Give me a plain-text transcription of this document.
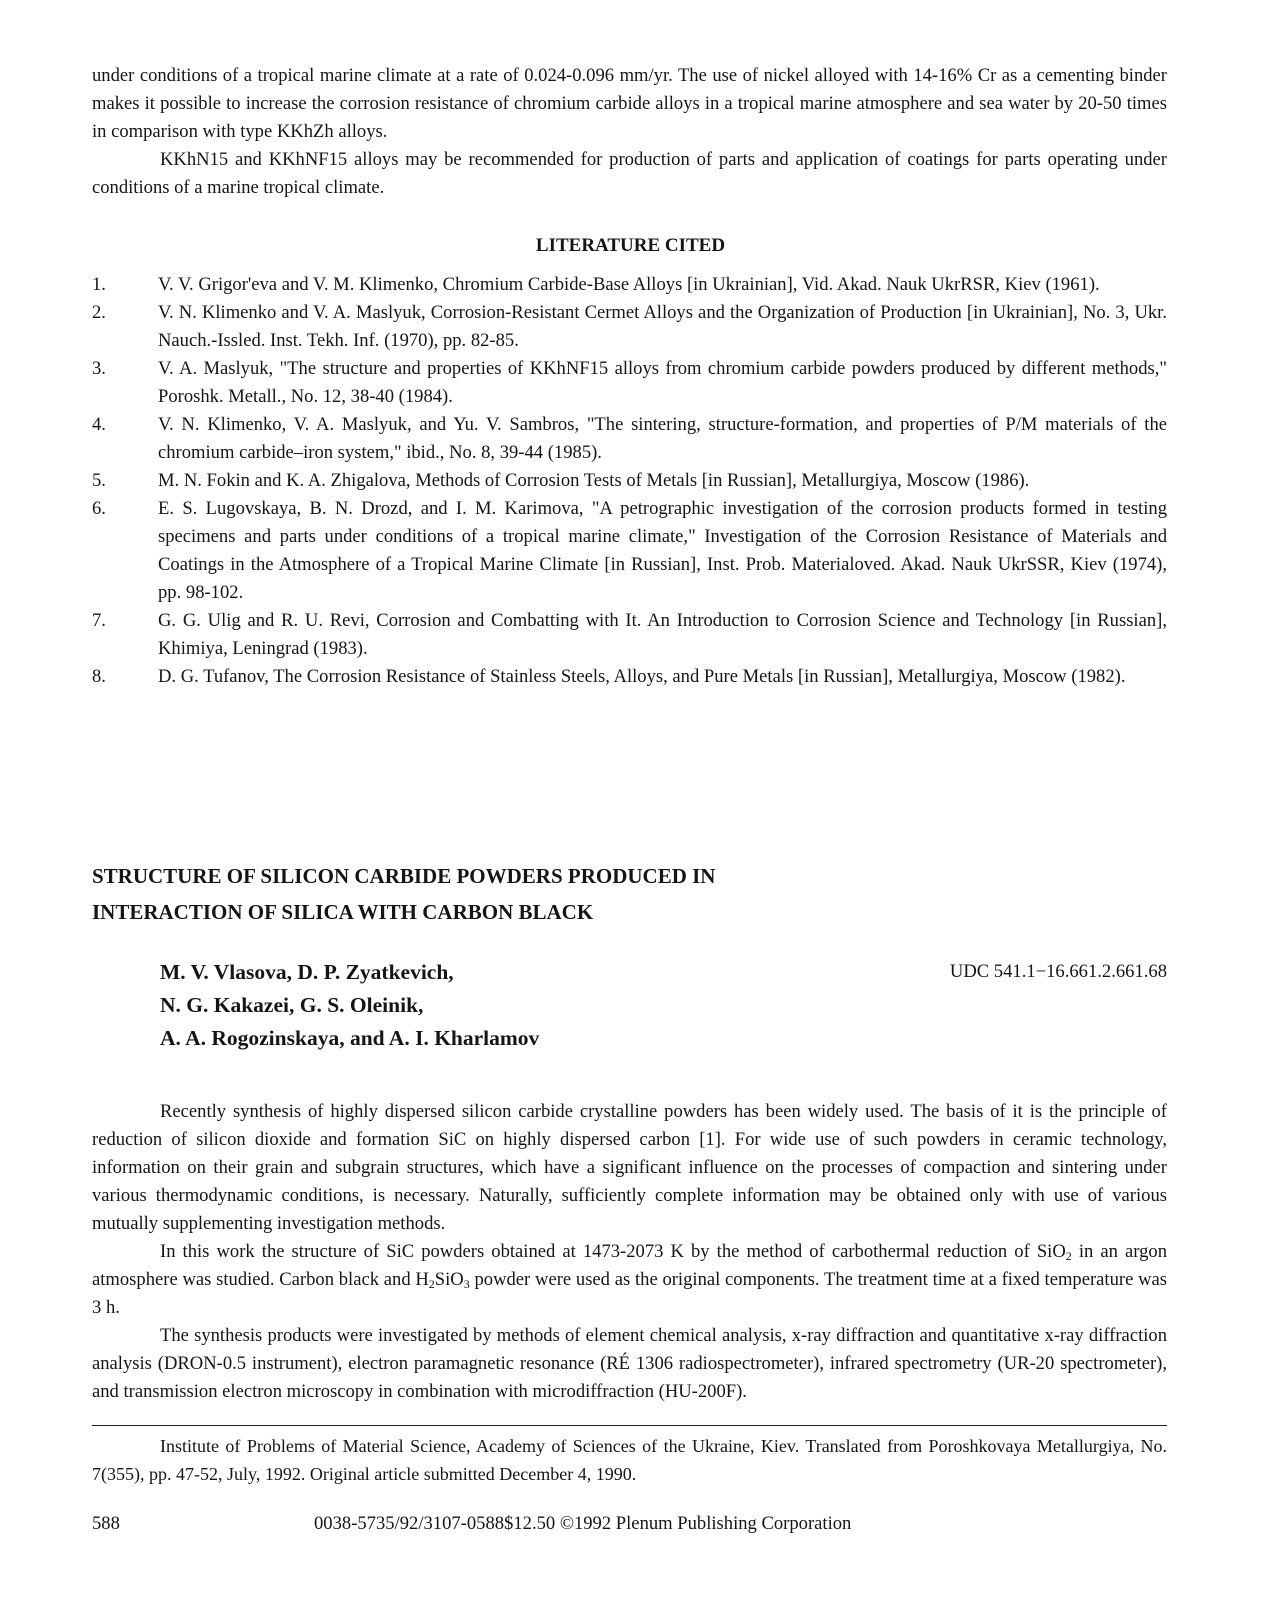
under conditions of a tropical marine climate at a rate of 0.024-0.096 mm/yr. The use of nickel alloyed with 14-16% Cr as a cementing binder makes it possible to increase the corrosion resistance of chromium carbide alloys in a tropical marine atmosphere and sea water by 20-50 times in comparison with type KKhZh alloys.

KKhN15 and KKhNF15 alloys may be recommended for production of parts and application of coatings for parts operating under conditions of a marine tropical climate.

LITERATURE CITED
1.	V. V. Grigor'eva and V. M. Klimenko, Chromium Carbide-Base Alloys [in Ukrainian], Vid. Akad. Nauk UkrRSR, Kiev (1961).
2.	V. N. Klimenko and V. A. Maslyuk, Corrosion-Resistant Cermet Alloys and the Organization of Production [in Ukrainian], No. 3, Ukr. Nauch.-Issled. Inst. Tekh. Inf. (1970), pp. 82-85.
3.	V. A. Maslyuk, "The structure and properties of KKhNF15 alloys from chromium carbide powders produced by different methods," Poroshk. Metall., No. 12, 38-40 (1984).
4.	V. N. Klimenko, V. A. Maslyuk, and Yu. V. Sambros, "The sintering, structure-formation, and properties of P/M materials of the chromium carbide–iron system," ibid., No. 8, 39-44 (1985).
5.	M. N. Fokin and K. A. Zhigalova, Methods of Corrosion Tests of Metals [in Russian], Metallurgiya, Moscow (1986).
6.	E. S. Lugovskaya, B. N. Drozd, and I. M. Karimova, "A petrographic investigation of the corrosion products formed in testing specimens and parts under conditions of a tropical marine climate," Investigation of the Corrosion Resistance of Materials and Coatings in the Atmosphere of a Tropical Marine Climate [in Russian], Inst. Prob. Materialoved. Akad. Nauk UkrSSR, Kiev (1974), pp. 98-102.
7.	G. G. Ulig and R. U. Revi, Corrosion and Combatting with It. An Introduction to Corrosion Science and Technology [in Russian], Khimiya, Leningrad (1983).
8.	D. G. Tufanov, The Corrosion Resistance of Stainless Steels, Alloys, and Pure Metals [in Russian], Metallurgiya, Moscow (1982).
STRUCTURE OF SILICON CARBIDE POWDERS PRODUCED IN
INTERACTION OF SILICA WITH CARBON BLACK
M. V. Vlasova, D. P. Zyatkevich,
N. G. Kakazei, G. S. Oleinik,
A. A. Rogozinskaya, and A. I. Kharlamov
UDC 541.1−16.661.2.661.68

Recently synthesis of highly dispersed silicon carbide crystalline powders has been widely used. The basis of it is the principle of reduction of silicon dioxide and formation SiC on highly dispersed carbon [1]. For wide use of such powders in ceramic technology, information on their grain and subgrain structures, which have a significant influence on the processes of compaction and sintering under various thermodynamic conditions, is necessary. Naturally, sufficiently complete information may be obtained only with use of various mutually supplementing investigation methods.

In this work the structure of SiC powders obtained at 1473-2073 K by the method of carbothermal reduction of SiO$_2$ in an argon atmosphere was studied. Carbon black and $H_2SiO_3$ powder were used as the original components. The treatment time at a fixed temperature was 3 h.

The synthesis products were investigated by methods of element chemical analysis, x-ray diffraction and quantitative x-ray diffraction analysis (DRON-0.5 instrument), electron paramagnetic resonance (RÉ 1306 radiospectrometer), infrared spectrometry (UR-20 spectrometer), and transmission electron microscopy in combination with microdiffraction (HU-200F).

Institute of Problems of Material Science, Academy of Sciences of the Ukraine, Kiev. Translated from Poroshkovaya Metallurgiya, No. 7(355), pp. 47-52, July, 1992. Original article submitted December 4, 1990.

588	0038-5735/92/3107-0588$12.50 ©1992 Plenum Publishing Corporation
